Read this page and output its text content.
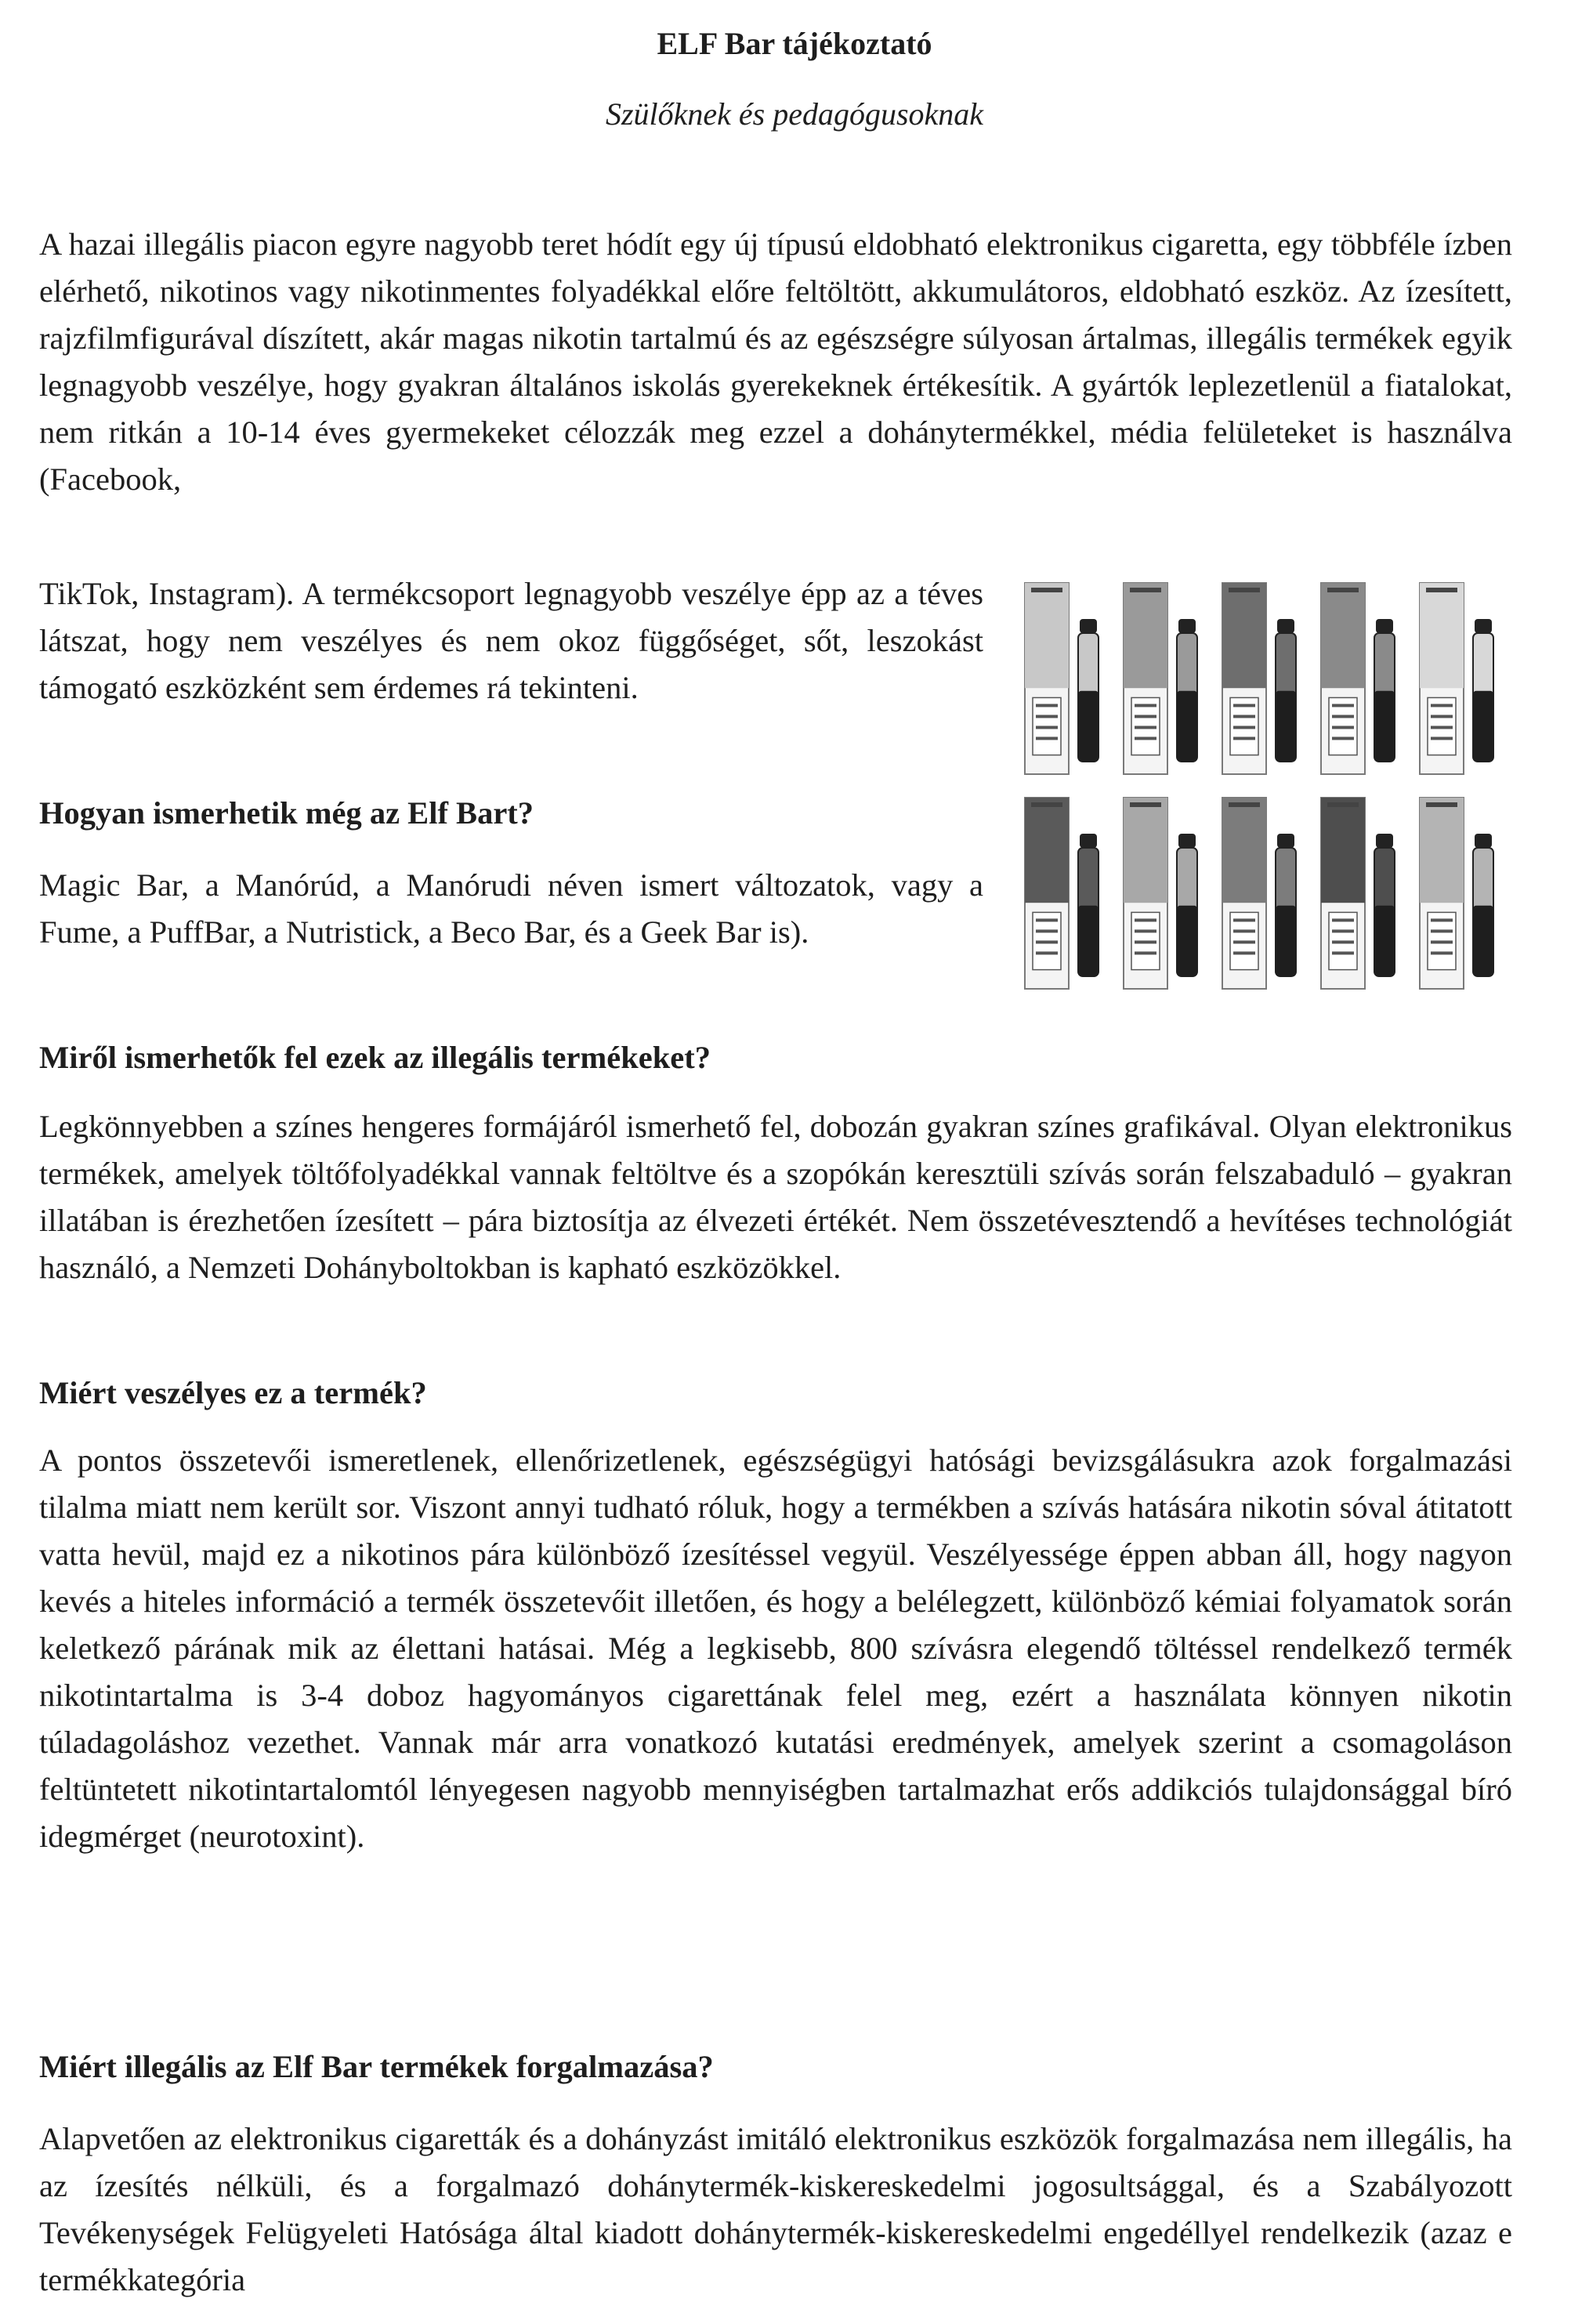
ELF Bar tájékoztató
Szülőknek és pedagógusoknak

A hazai illegális piacon egyre nagyobb teret hódít egy új típusú eldobható elektronikus cigaretta, egy többféle ízben elérhető, nikotinos vagy nikotinmentes folyadékkal előre feltöltött, akkumulátoros, eldobható eszköz. Az ízesített, rajzfilmfigurával díszített, akár magas nikotin tartalmú és az egészségre súlyosan ártalmas, illegális termékek egyik legnagyobb veszélye, hogy gyakran általános iskolás gyerekeknek értékesítik. A gyártók leplezetlenül a fiatalokat, nem ritkán a 10-14 éves gyermekeket célozzák meg ezzel a dohánytermékkel, média felületeket is használva (Facebook,

TikTok, Instagram). A termékcsoport legnagyobb veszélye épp az a téves látszat, hogy nem veszélyes és nem okoz függőséget, sőt, leszokást támogató eszközként sem érdemes rá tekinteni.

Hogyan ismerhetik még az Elf Bart?

Magic Bar, a Manórúd, a Manórudi néven ismert változatok, vagy a Fume, a PuffBar, a Nutristick, a Beco Bar, és a Geek Bar is).

Miről ismerhetők fel ezek az illegális termékeket?

Legkönnyebben a színes hengeres formájáról ismerhető fel, dobozán gyakran színes grafikával. Olyan elektronikus termékek, amelyek töltőfolyadékkal vannak feltöltve és a szopókán keresztüli szívás során felszabaduló – gyakran illatában is érezhetően ízesített – pára biztosítja az élvezeti értékét. Nem összetévesztendő a hevítéses technológiát használó, a Nemzeti Dohányboltokban is kapható eszközökkel.

Miért veszélyes ez a termék?

A pontos összetevői ismeretlenek, ellenőrizetlenek, egészségügyi hatósági bevizsgálásukra azok forgalmazási tilalma miatt nem került sor. Viszont annyi tudható róluk, hogy a termékben a szívás hatására nikotin sóval átitatott vatta hevül, majd ez a nikotinos pára különböző ízesítéssel vegyül. Veszélyessége éppen abban áll, hogy nagyon kevés a hiteles információ a termék összetevőit illetően, és hogy a belélegzett, különböző kémiai folyamatok során keletkező párának mik az élettani hatásai. Még a legkisebb, 800 szívásra elegendő töltéssel rendelkező termék nikotintartalma is 3-4 doboz hagyományos cigarettának felel meg, ezért a használata könnyen nikotin túladagoláshoz vezethet. Vannak már arra vonatkozó kutatási eredmények, amelyek szerint a csomagoláson feltüntetett nikotintartalomtól lényegesen nagyobb mennyiségben tartalmazhat erős addikciós tulajdonsággal bíró idegmérget (neurotoxint).

Miért illegális az Elf Bar termékek forgalmazása?

Alapvetően az elektronikus cigaretták és a dohányzást imitáló elektronikus eszközök forgalmazása nem illegális, ha az ízesítés nélküli, és a forgalmazó dohánytermék-kiskereskedelmi jogosultsággal, és a Szabályozott Tevékenységek Felügyeleti Hatósága által kiadott dohánytermék-kiskereskedelmi engedéllyel rendelkezik (azaz e termékkategória
